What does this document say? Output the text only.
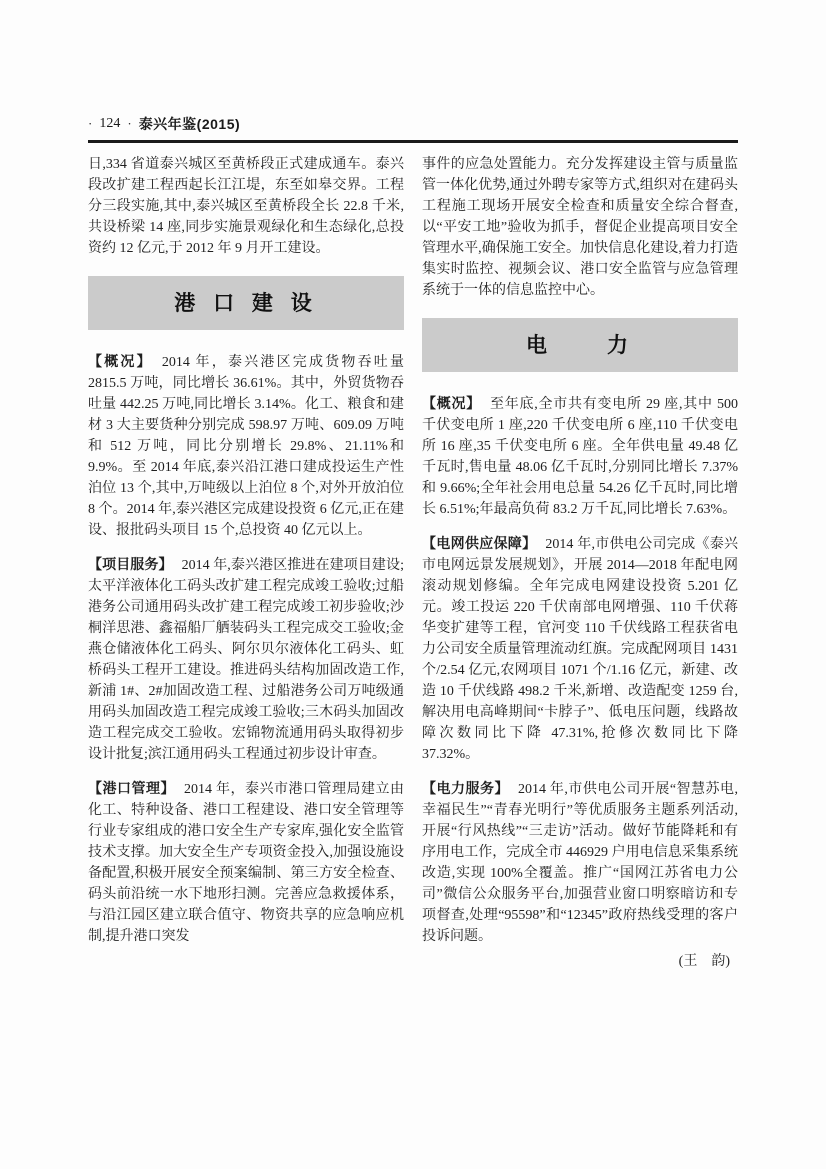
· 124 · 泰兴年鉴(2015)

日,334 省道泰兴城区至黄桥段正式建成通车。泰兴段改扩建工程西起长江江堤，东至如皋交界。工程分三段实施,其中,泰兴城区至黄桥段全长 22.8 千米,共设桥梁 14 座,同步实施景观绿化和生态绿化,总投资约 12 亿元,于 2012 年 9 月开工建设。

港 口 建 设
【概况】 2014 年，泰兴港区完成货物吞吐量 2815.5 万吨，同比增长 36.61%。其中，外贸货物吞吐量 442.25 万吨,同比增长 3.14%。化工、粮食和建材 3 大主要货种分别完成 598.97 万吨、609.09 万吨和 512 万吨，同比分别增长 29.8%、21.11%和 9.9%。至 2014 年底,泰兴沿江港口建成投运生产性泊位 13 个,其中,万吨级以上泊位 8 个,对外开放泊位 8 个。2014 年,泰兴港区完成建设投资 6 亿元,正在建设、报批码头项目 15 个,总投资 40 亿元以上。
【项目服务】 2014 年,泰兴港区推进在建项目建设;太平洋液体化工码头改扩建工程完成竣工验收;过船港务公司通用码头改扩建工程完成竣工初步验收;沙桐洋思港、鑫福船厂舾装码头工程完成交工验收;金燕仓储液体化工码头、阿尔贝尔液体化工码头、虹桥码头工程开工建设。推进码头结构加固改造工作,新浦 1#、2#加固改造工程、过船港务公司万吨级通用码头加固改造工程完成竣工验收;三木码头加固改造工程完成交工验收。宏锦物流通用码头取得初步设计批复;滨江通用码头工程通过初步设计审查。
【港口管理】 2014 年，泰兴市港口管理局建立由化工、特种设备、港口工程建设、港口安全管理等行业专家组成的港口安全生产专家库,强化安全监管技术支撑。加大安全生产专项资金投入,加强设施设备配置,积极开展安全预案编制、第三方安全检查、码头前沿统一水下地形扫测。完善应急救援体系，与沿江园区建立联合值守、物资共享的应急响应机制,提升港口突发

事件的应急处置能力。充分发挥建设主管与质量监管一体化优势,通过外聘专家等方式,组织对在建码头工程施工现场开展安全检查和质量安全综合督查,以“平安工地”验收为抓手，督促企业提高项目安全管理水平,确保施工安全。加快信息化建设,着力打造集实时监控、视频会议、港口安全监管与应急管理系统于一体的信息监控中心。

电　　力
【概况】 至年底,全市共有变电所 29 座,其中 500 千伏变电所 1 座,220 千伏变电所 6 座,110 千伏变电所 16 座,35 千伏变电所 6 座。全年供电量 49.48 亿千瓦时,售电量 48.06 亿千瓦时,分别同比增长 7.37%和 9.66%;全年社会用电总量 54.26 亿千瓦时,同比增长 6.51%;年最高负荷 83.2 万千瓦,同比增长 7.63%。
【电网供应保障】 2014 年,市供电公司完成《泰兴市电网远景发展规划》，开展 2014—2018 年配电网滚动规划修编。全年完成电网建设投资 5.201 亿元。竣工投运 220 千伏南部电网增强、110 千伏蒋华变扩建等工程，官河变 110 千伏线路工程获省电力公司安全质量管理流动红旗。完成配网项目 1431 个/2.54 亿元,农网项目 1071 个/1.16 亿元，新建、改造 10 千伏线路 498.2 千米,新增、改造配变 1259 台,解决用电高峰期间“卡脖子”、低电压问题，线路故障次数同比下降 47.31%,抢修次数同比下降 37.32%。
【电力服务】 2014 年,市供电公司开展“智慧苏电,幸福民生”“青春光明行”等优质服务主题系列活动,开展“行风热线”“三走访”活动。做好节能降耗和有序用电工作，完成全市 446929 户用电信息采集系统改造,实现 100%全覆盖。推广“国网江苏省电力公司”微信公众服务平台,加强营业窗口明察暗访和专项督查,处理“95598”和“12345”政府热线受理的客户投诉问题。
(王　韵)
